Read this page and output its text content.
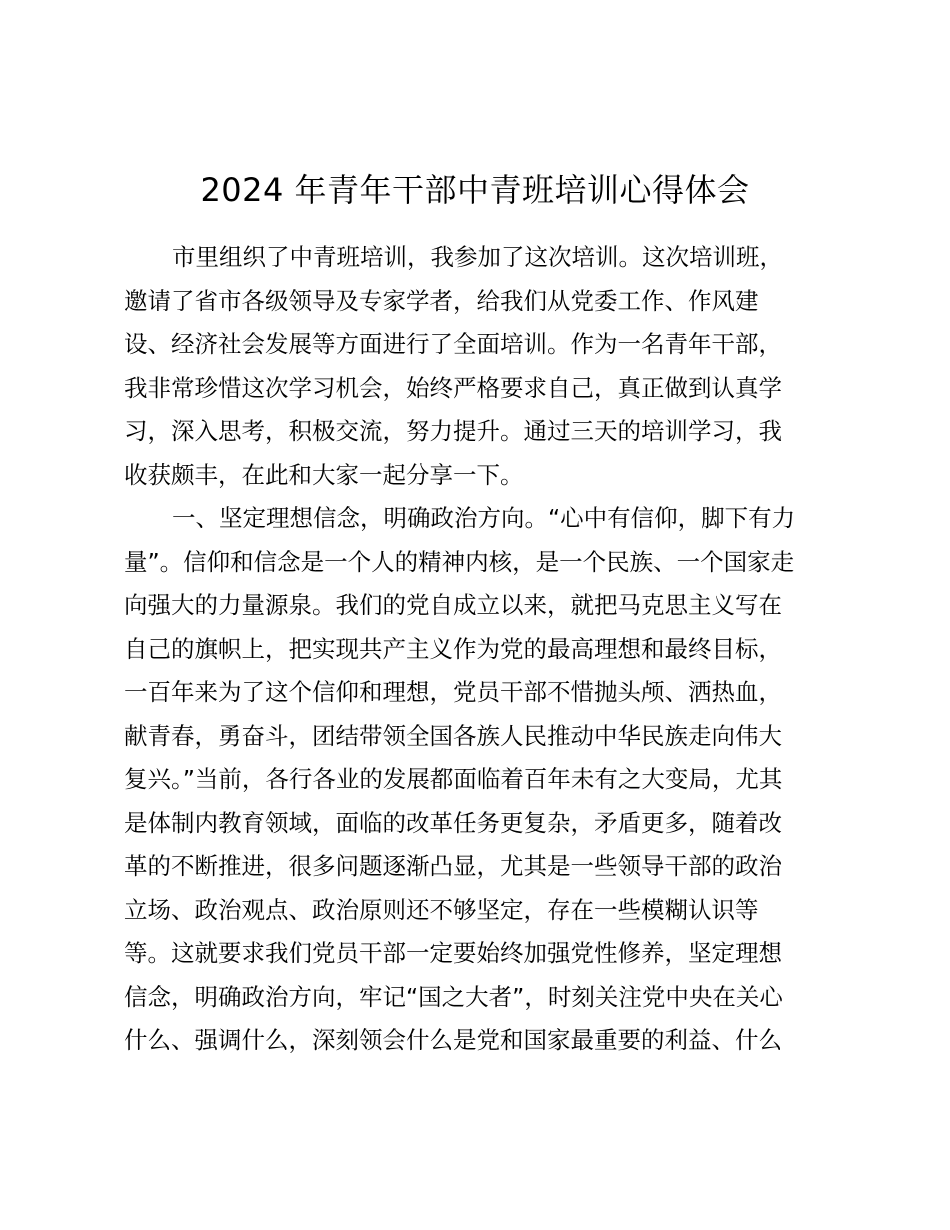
2024 年青年干部中青班培训心得体会
市里组织了中青班培训，我参加了这次培训。这次培训班，
邀请了省市各级领导及专家学者，给我们从党委工作、作风建
设、经济社会发展等方面进行了全面培训。作为一名青年干部，
我非常珍惜这次学习机会，始终严格要求自己，真正做到认真学
习，深入思考，积极交流，努力提升。通过三天的培训学习，我
收获颇丰，在此和大家一起分享一下。
一、坚定理想信念，明确政治方向。“心中有信仰，脚下有力
量”。信仰和信念是一个人的精神内核，是一个民族、一个国家走
向强大的力量源泉。我们的党自成立以来，就把马克思主义写在
自己的旗帜上，把实现共产主义作为党的最高理想和最终目标，
一百年来为了这个信仰和理想，党员干部不惜抛头颅、洒热血，
献青春，勇奋斗，团结带领全国各族人民推动中华民族走向伟大
复兴。”当前，各行各业的发展都面临着百年未有之大变局，尤其
是体制内教育领域，面临的改革任务更复杂，矛盾更多，随着改
革的不断推进，很多问题逐渐凸显，尤其是一些领导干部的政治
立场、政治观点、政治原则还不够坚定，存在一些模糊认识等
等。这就要求我们党员干部一定要始终加强党性修养，坚定理想
信念，明确政治方向，牢记“国之大者”，时刻关注党中央在关心
什么、强调什么，深刻领会什么是党和国家最重要的利益、什么
